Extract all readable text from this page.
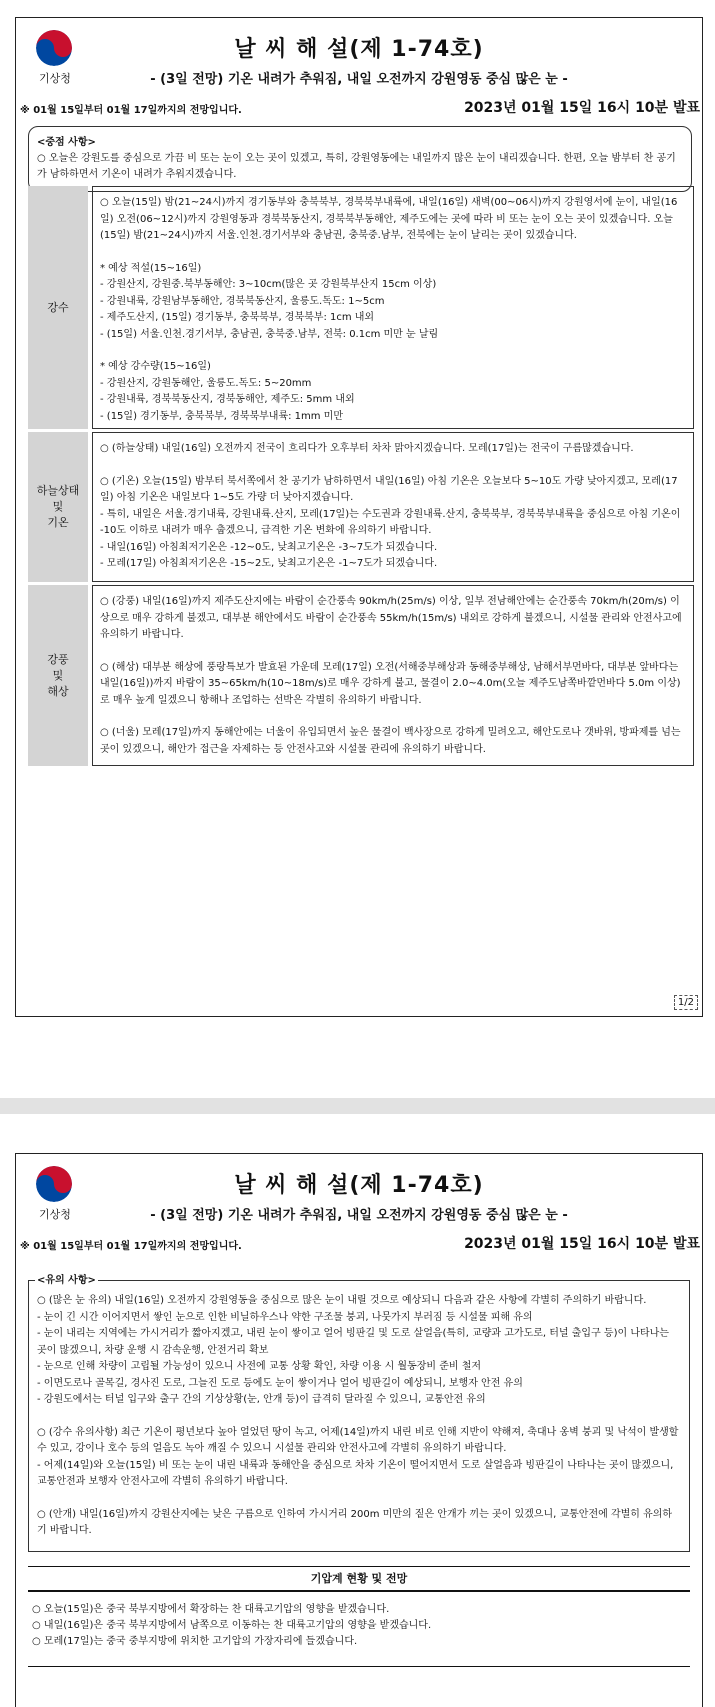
기상청
날 씨 해 설(제 1-74호)
- (3일 전망) 기온 내려가 추워짐, 내일 오전까지 강원영동 중심 많은 눈 -
※ 01월 15일부터 01월 17일까지의 전망입니다.	2023년 01월 15일 16시 10분 발표
<중점 사항>
○ 오늘은 강원도를 중심으로 가끔 비 또는 눈이 오는 곳이 있겠고, 특히, 강원영동에는 내일까지 많은 눈이 내리겠습니다. 한편, 오늘 밤부터 찬 공기가 남하하면서 기온이 내려가 추워지겠습니다.
강수

○ 오늘(15일) 밤(21~24시)까지 경기동부와 충북북부, 경북북부내륙에, 내일(16일) 새벽(00~06시)까지 강원영서에 눈이, 내일(16일) 오전(06~12시)까지 강원영동과 경북북동산지, 경북북부동해안, 제주도에는 곳에 따라 비 또는 눈이 오는 곳이 있겠습니다. 오늘(15일) 밤(21~24시)까지 서울.인천.경기서부와 충남권, 충북중.남부, 전북에는 눈이 날리는 곳이 있겠습니다.

* 예상 적설(15~16일)

- 강원산지, 강원중.북부동해안: 3~10cm(많은 곳 강원북부산지 15cm 이상)

- 강원내륙, 강원남부동해안, 경북북동산지, 울릉도.독도: 1~5cm

- 제주도산지, (15일) 경기동부, 충북북부, 경북북부: 1cm 내외

- (15일) 서울.인천.경기서부, 충남권, 충북중.남부, 전북: 0.1cm 미만 눈 날림

* 예상 강수량(15~16일)

- 강원산지, 강원동해안, 울릉도.독도: 5~20mm

- 강원내륙, 경북북동산지, 경북동해안, 제주도: 5mm 내외

- (15일) 경기동부, 충북북부, 경북북부내륙: 1mm 미만

하늘상태
및
기온

○ (하늘상태) 내일(16일) 오전까지 전국이 흐리다가 오후부터 차차 맑아지겠습니다. 모레(17일)는 전국이 구름많겠습니다.

○ (기온) 오늘(15일) 밤부터 북서쪽에서 찬 공기가 남하하면서 내일(16일) 아침 기온은 오늘보다 5~10도 가량 낮아지겠고, 모레(17일) 아침 기온은 내일보다 1~5도 가량 더 낮아지겠습니다.

- 특히, 내일은 서울.경기내륙, 강원내륙.산지, 모레(17일)는 수도권과 강원내륙.산지, 충북북부, 경북북부내륙을 중심으로 아침 기온이 -10도 이하로 내려가 매우 춥겠으니, 급격한 기온 변화에 유의하기 바랍니다.

- 내일(16일) 아침최저기온은 -12~0도, 낮최고기온은 -3~7도가 되겠습니다.

- 모레(17일) 아침최저기온은 -15~2도, 낮최고기온은 -1~7도가 되겠습니다.

강풍
및
해상

○ (강풍) 내일(16일)까지 제주도산지에는 바람이 순간풍속 90km/h(25m/s) 이상, 일부 전남해안에는 순간풍속 70km/h(20m/s) 이상으로 매우 강하게 불겠고, 대부분 해안에서도 바람이 순간풍속 55km/h(15m/s) 내외로 강하게 불겠으니, 시설물 관리와 안전사고에 유의하기 바랍니다.

○ (해상) 대부분 해상에 풍랑특보가 발효된 가운데 모레(17일) 오전(서해중부해상과 동해중부해상, 남해서부먼바다, 대부분 앞바다는 내일(16일))까지 바람이 35~65km/h(10~18m/s)로 매우 강하게 불고, 물결이 2.0~4.0m(오늘 제주도남쪽바깥먼바다 5.0m 이상)로 매우 높게 일겠으니 항해나 조업하는 선박은 각별히 유의하기 바랍니다.

○ (너울) 모레(17일)까지 동해안에는 너울이 유입되면서 높은 물결이 백사장으로 강하게 밀려오고, 해안도로나 갯바위, 방파제를 넘는 곳이 있겠으니, 해안가 접근을 자제하는 등 안전사고와 시설물 관리에 유의하기 바랍니다.

1/2
기상청
날 씨 해 설(제 1-74호)
- (3일 전망) 기온 내려가 추워짐, 내일 오전까지 강원영동 중심 많은 눈 -
※ 01월 15일부터 01월 17일까지의 전망입니다.	2023년 01월 15일 16시 10분 발표
<유의 사항>

○ (많은 눈 유의) 내일(16일) 오전까지 강원영동을 중심으로 많은 눈이 내릴 것으로 예상되니 다음과 같은 사항에 각별히 주의하기 바랍니다.

- 눈이 긴 시간 이어지면서 쌓인 눈으로 인한 비닐하우스나 약한 구조물 붕괴, 나뭇가지 부러짐 등 시설물 피해 유의

- 눈이 내리는 지역에는 가시거리가 짧아지겠고, 내린 눈이 쌓이고 얼어 빙판길 및 도로 살얼음(특히, 교량과 고가도로, 터널 출입구 등)이 나타나는 곳이 많겠으니, 차량 운행 시 감속운행, 안전거리 확보

- 눈으로 인해 차량이 고립될 가능성이 있으니 사전에 교통 상황 확인, 차량 이용 시 월동장비 준비 철저

- 이면도로나 골목길, 경사진 도로, 그늘진 도로 등에도 눈이 쌓이거나 얼어 빙판길이 예상되니, 보행자 안전 유의

- 강원도에서는 터널 입구와 출구 간의 기상상황(눈, 안개 등)이 급격히 달라질 수 있으니, 교통안전 유의

○ (강수 유의사항) 최근 기온이 평년보다 높아 얼었던 땅이 녹고, 어제(14일)까지 내린 비로 인해 지반이 약해져, 축대나 옹벽 붕괴 및 낙석이 발생할 수 있고, 강이나 호수 등의 얼음도 녹아 깨질 수 있으니 시설물 관리와 안전사고에 각별히 유의하기 바랍니다.

- 어제(14일)와 오늘(15일) 비 또는 눈이 내린 내륙과 동해안을 중심으로 차차 기온이 떨어지면서 도로 살얼음과 빙판길이 나타나는 곳이 많겠으니, 교통안전과 보행자 안전사고에 각별히 유의하기 바랍니다.

○ (안개) 내일(16일)까지 강원산지에는 낮은 구름으로 인하여 가시거리 200m 미만의 짙은 안개가 끼는 곳이 있겠으니, 교통안전에 각별히 유의하기 바랍니다.

기압계 현황 및 전망

○ 오늘(15일)은 중국 북부지방에서 확장하는 찬 대륙고기압의 영향을 받겠습니다.

○ 내일(16일)은 중국 북부지방에서 남쪽으로 이동하는 찬 대륙고기압의 영향을 받겠습니다.

○ 모레(17일)는 중국 중부지방에 위치한 고기압의 가장자리에 들겠습니다.
